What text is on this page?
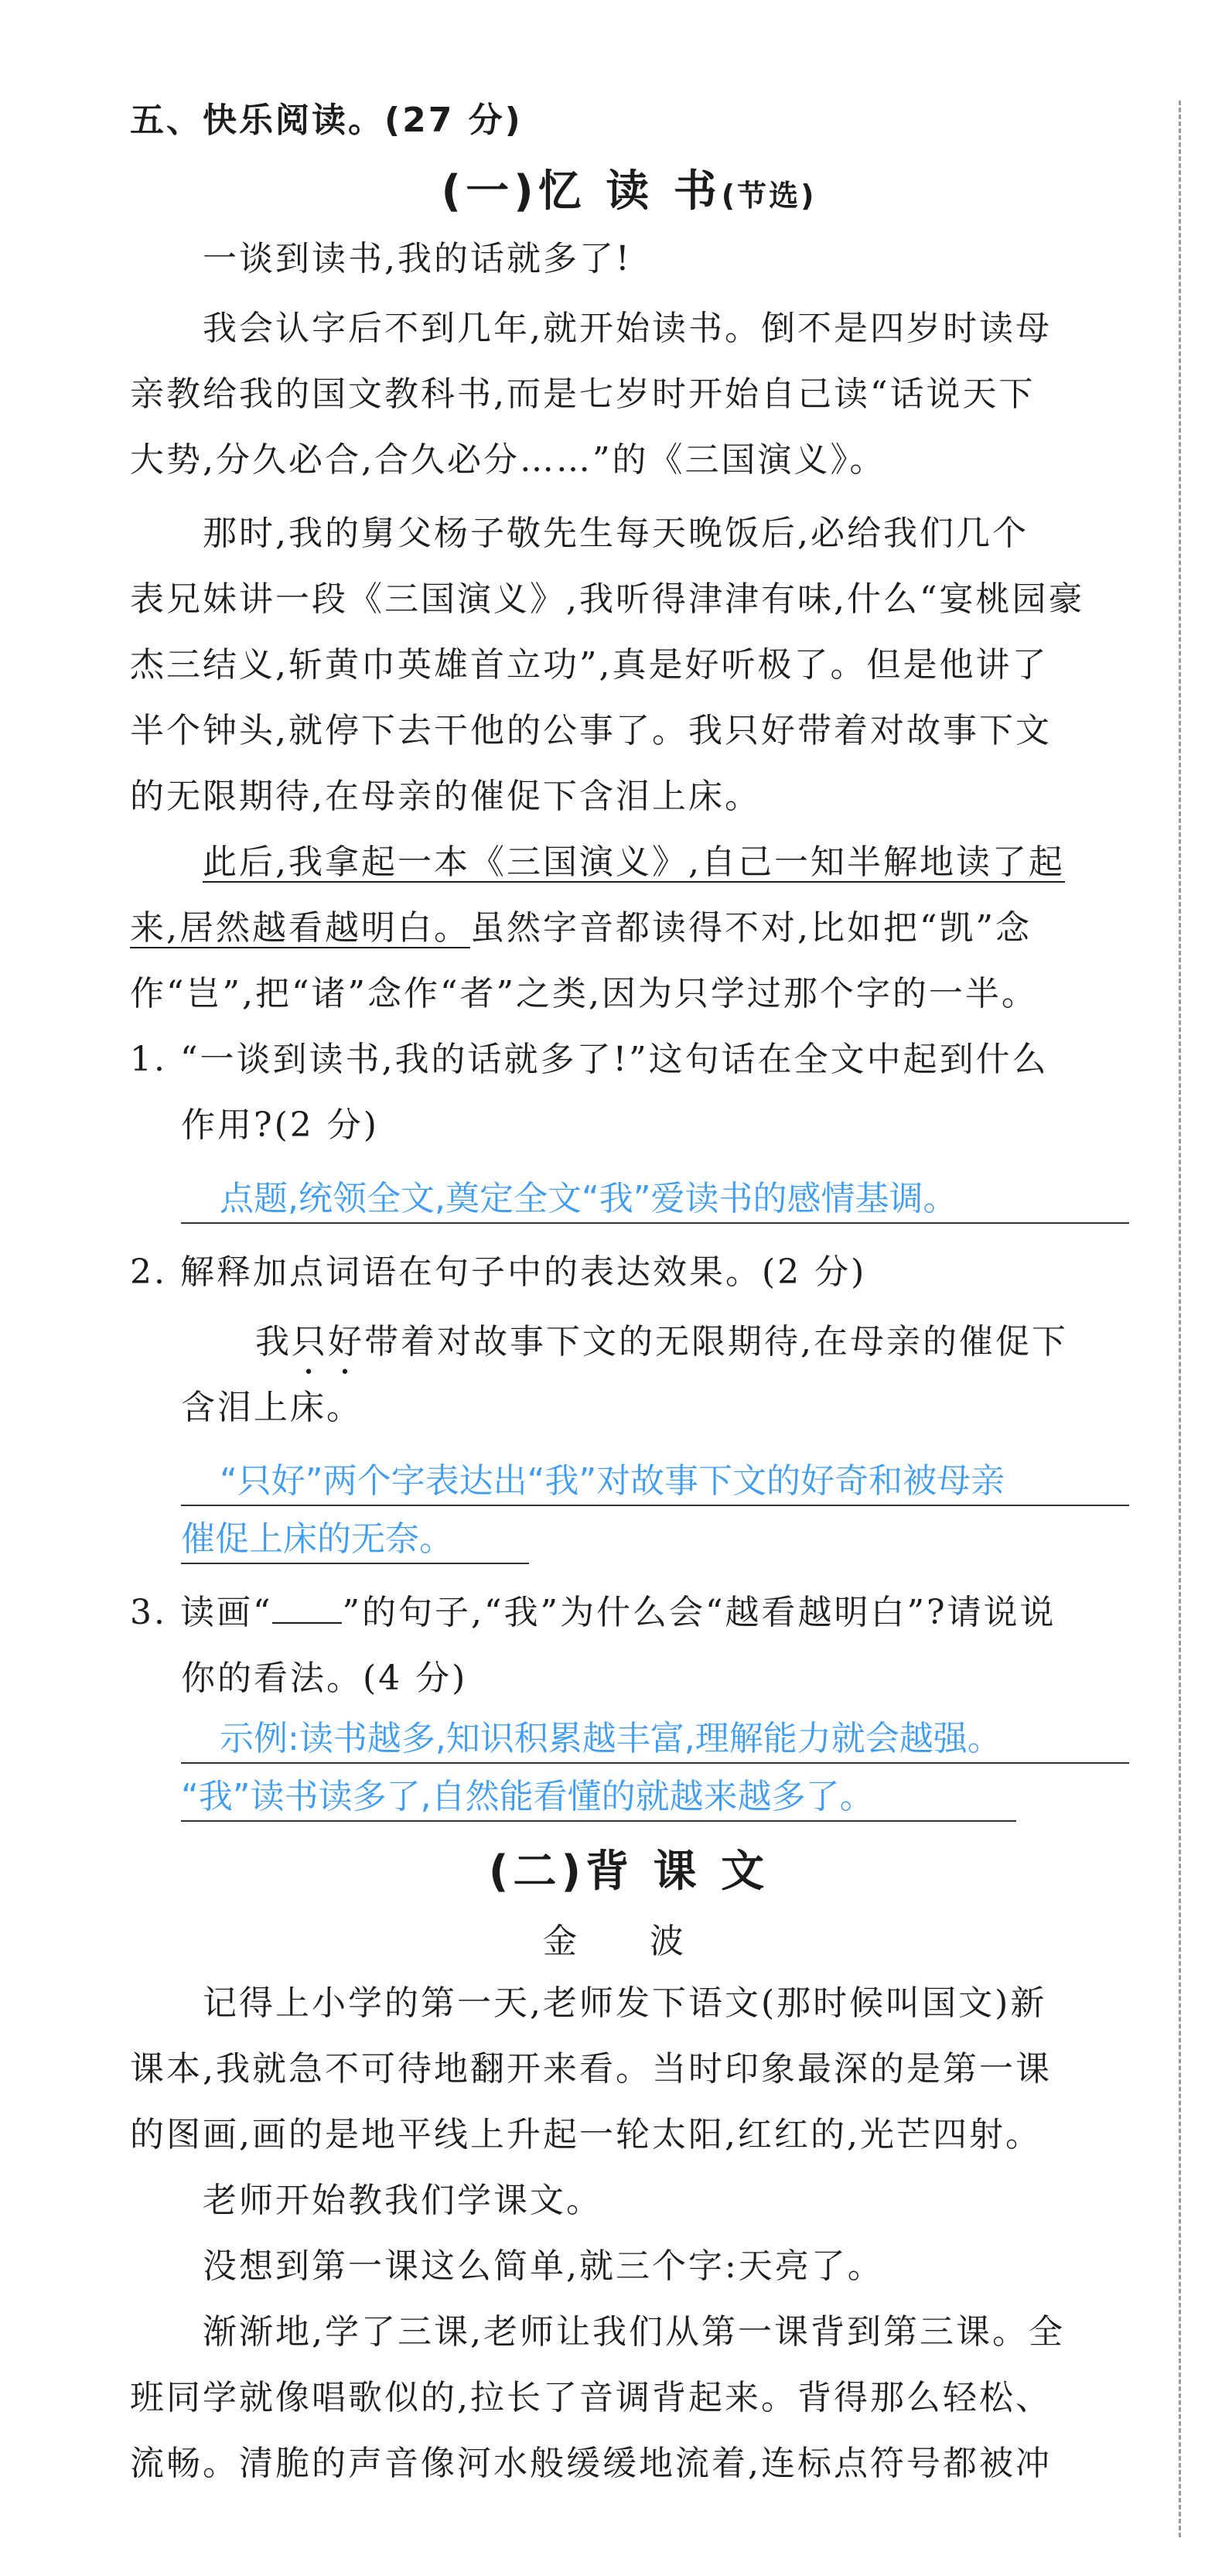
五、快乐阅读。(27 分)
(一)忆 读 书(节选)
一谈到读书,我的话就多了!
我会认字后不到几年,就开始读书。倒不是四岁时读母
亲教给我的国文教科书,而是七岁时开始自己读“话说天下
大势,分久必合,合久必分……”的《三国演义》。
那时,我的舅父杨子敬先生每天晚饭后,必给我们几个
表兄妹讲一段《三国演义》,我听得津津有味,什么“宴桃园豪
杰三结义,斩黄巾英雄首立功”,真是好听极了。但是他讲了
半个钟头,就停下去干他的公事了。我只好带着对故事下文
的无限期待,在母亲的催促下含泪上床。
此后,我拿起一本《三国演义》,自己一知半解地读了起
来,居然越看越明白。虽然字音都读得不对,比如把“凯”念
作“岂”,把“诸”念作“者”之类,因为只学过那个字的一半。
1. “一谈到读书,我的话就多了!”这句话在全文中起到什么
作用?(2 分)
点题,统领全文,奠定全文“我”爱读书的感情基调。
2. 解释加点词语在句子中的表达效果。(2 分)
我只好带着对故事下文的无限期待,在母亲的催促下
含泪上床。
“只好”两个字表达出“我”对故事下文的好奇和被母亲
催促上床的无奈。
3. 读画“ ”的句子,“我”为什么会“越看越明白”?请说说
你的看法。(4 分)
示例:读书越多,知识积累越丰富,理解能力就会越强。
“我”读书读多了,自然能看懂的就越来越多了。
(二)背 课 文
金 波
记得上小学的第一天,老师发下语文(那时候叫国文)新
课本,我就急不可待地翻开来看。当时印象最深的是第一课
的图画,画的是地平线上升起一轮太阳,红红的,光芒四射。
老师开始教我们学课文。
没想到第一课这么简单,就三个字:天亮了。
渐渐地,学了三课,老师让我们从第一课背到第三课。全
班同学就像唱歌似的,拉长了音调背起来。背得那么轻松、
流畅。清脆的声音像河水般缓缓地流着,连标点符号都被冲
